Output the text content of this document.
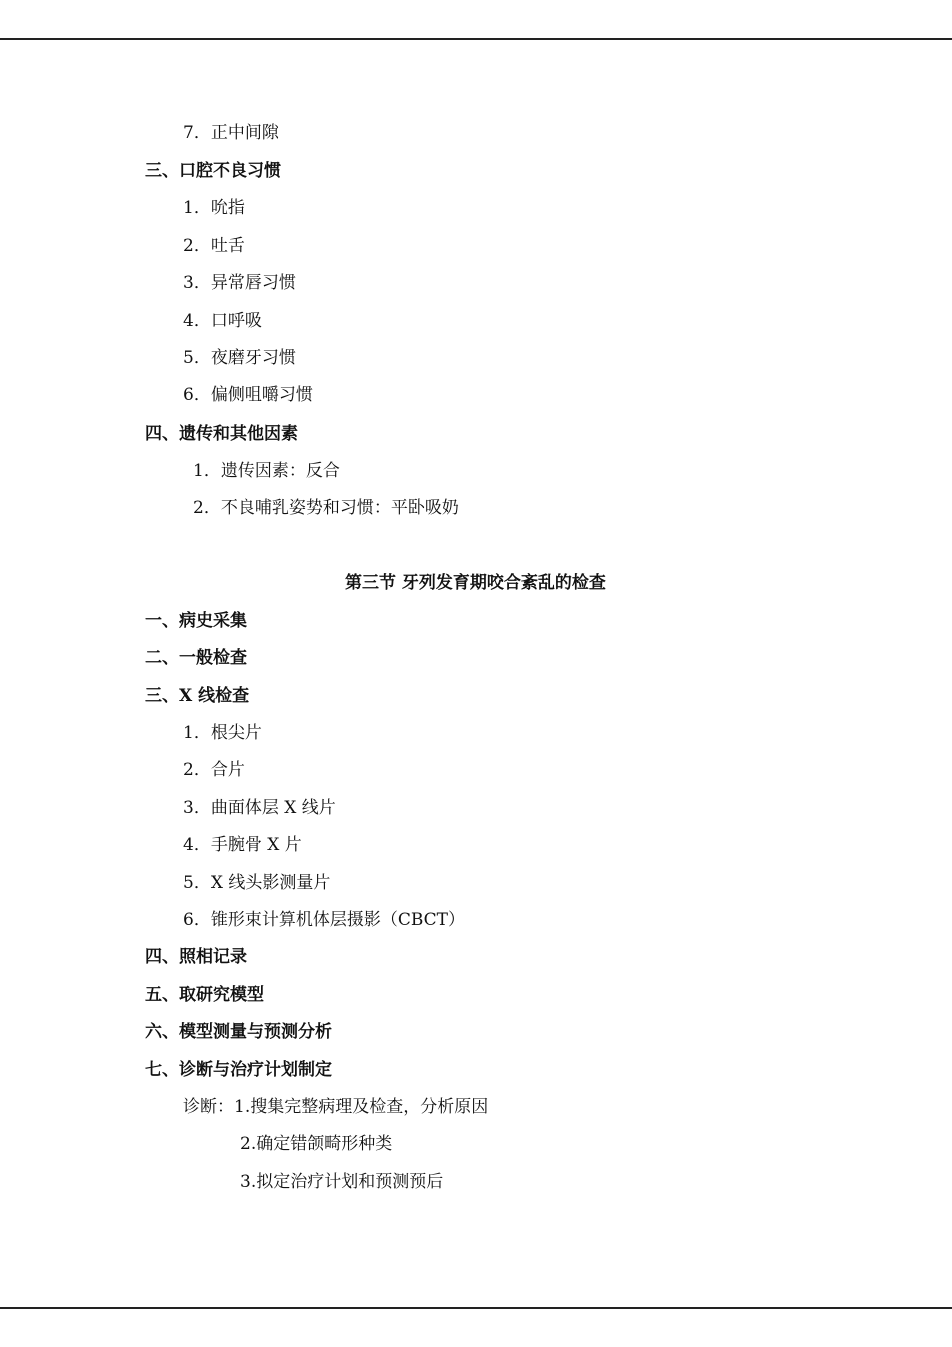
7．正中间隙
三、口腔不良习惯
1．吮指
2．吐舌
3．异常唇习惯
4．口呼吸
5．夜磨牙习惯
6．偏侧咀嚼习惯
四、遗传和其他因素
1．遗传因素：反合
2．不良哺乳姿势和习惯：平卧吸奶
第三节 牙列发育期咬合紊乱的检查
一、病史采集
二、一般检查
三、X 线检查
1．根尖片
2．合片
3．曲面体层 X 线片
4．手腕骨 X 片
5．X 线头影测量片
6．锥形束计算机体层摄影（CBCT）
四、照相记录
五、取研究模型
六、模型测量与预测分析
七、诊断与治疗计划制定
诊断：1.搜集完整病理及检查，分析原因
2.确定错颌畸形种类
3.拟定治疗计划和预测预后
